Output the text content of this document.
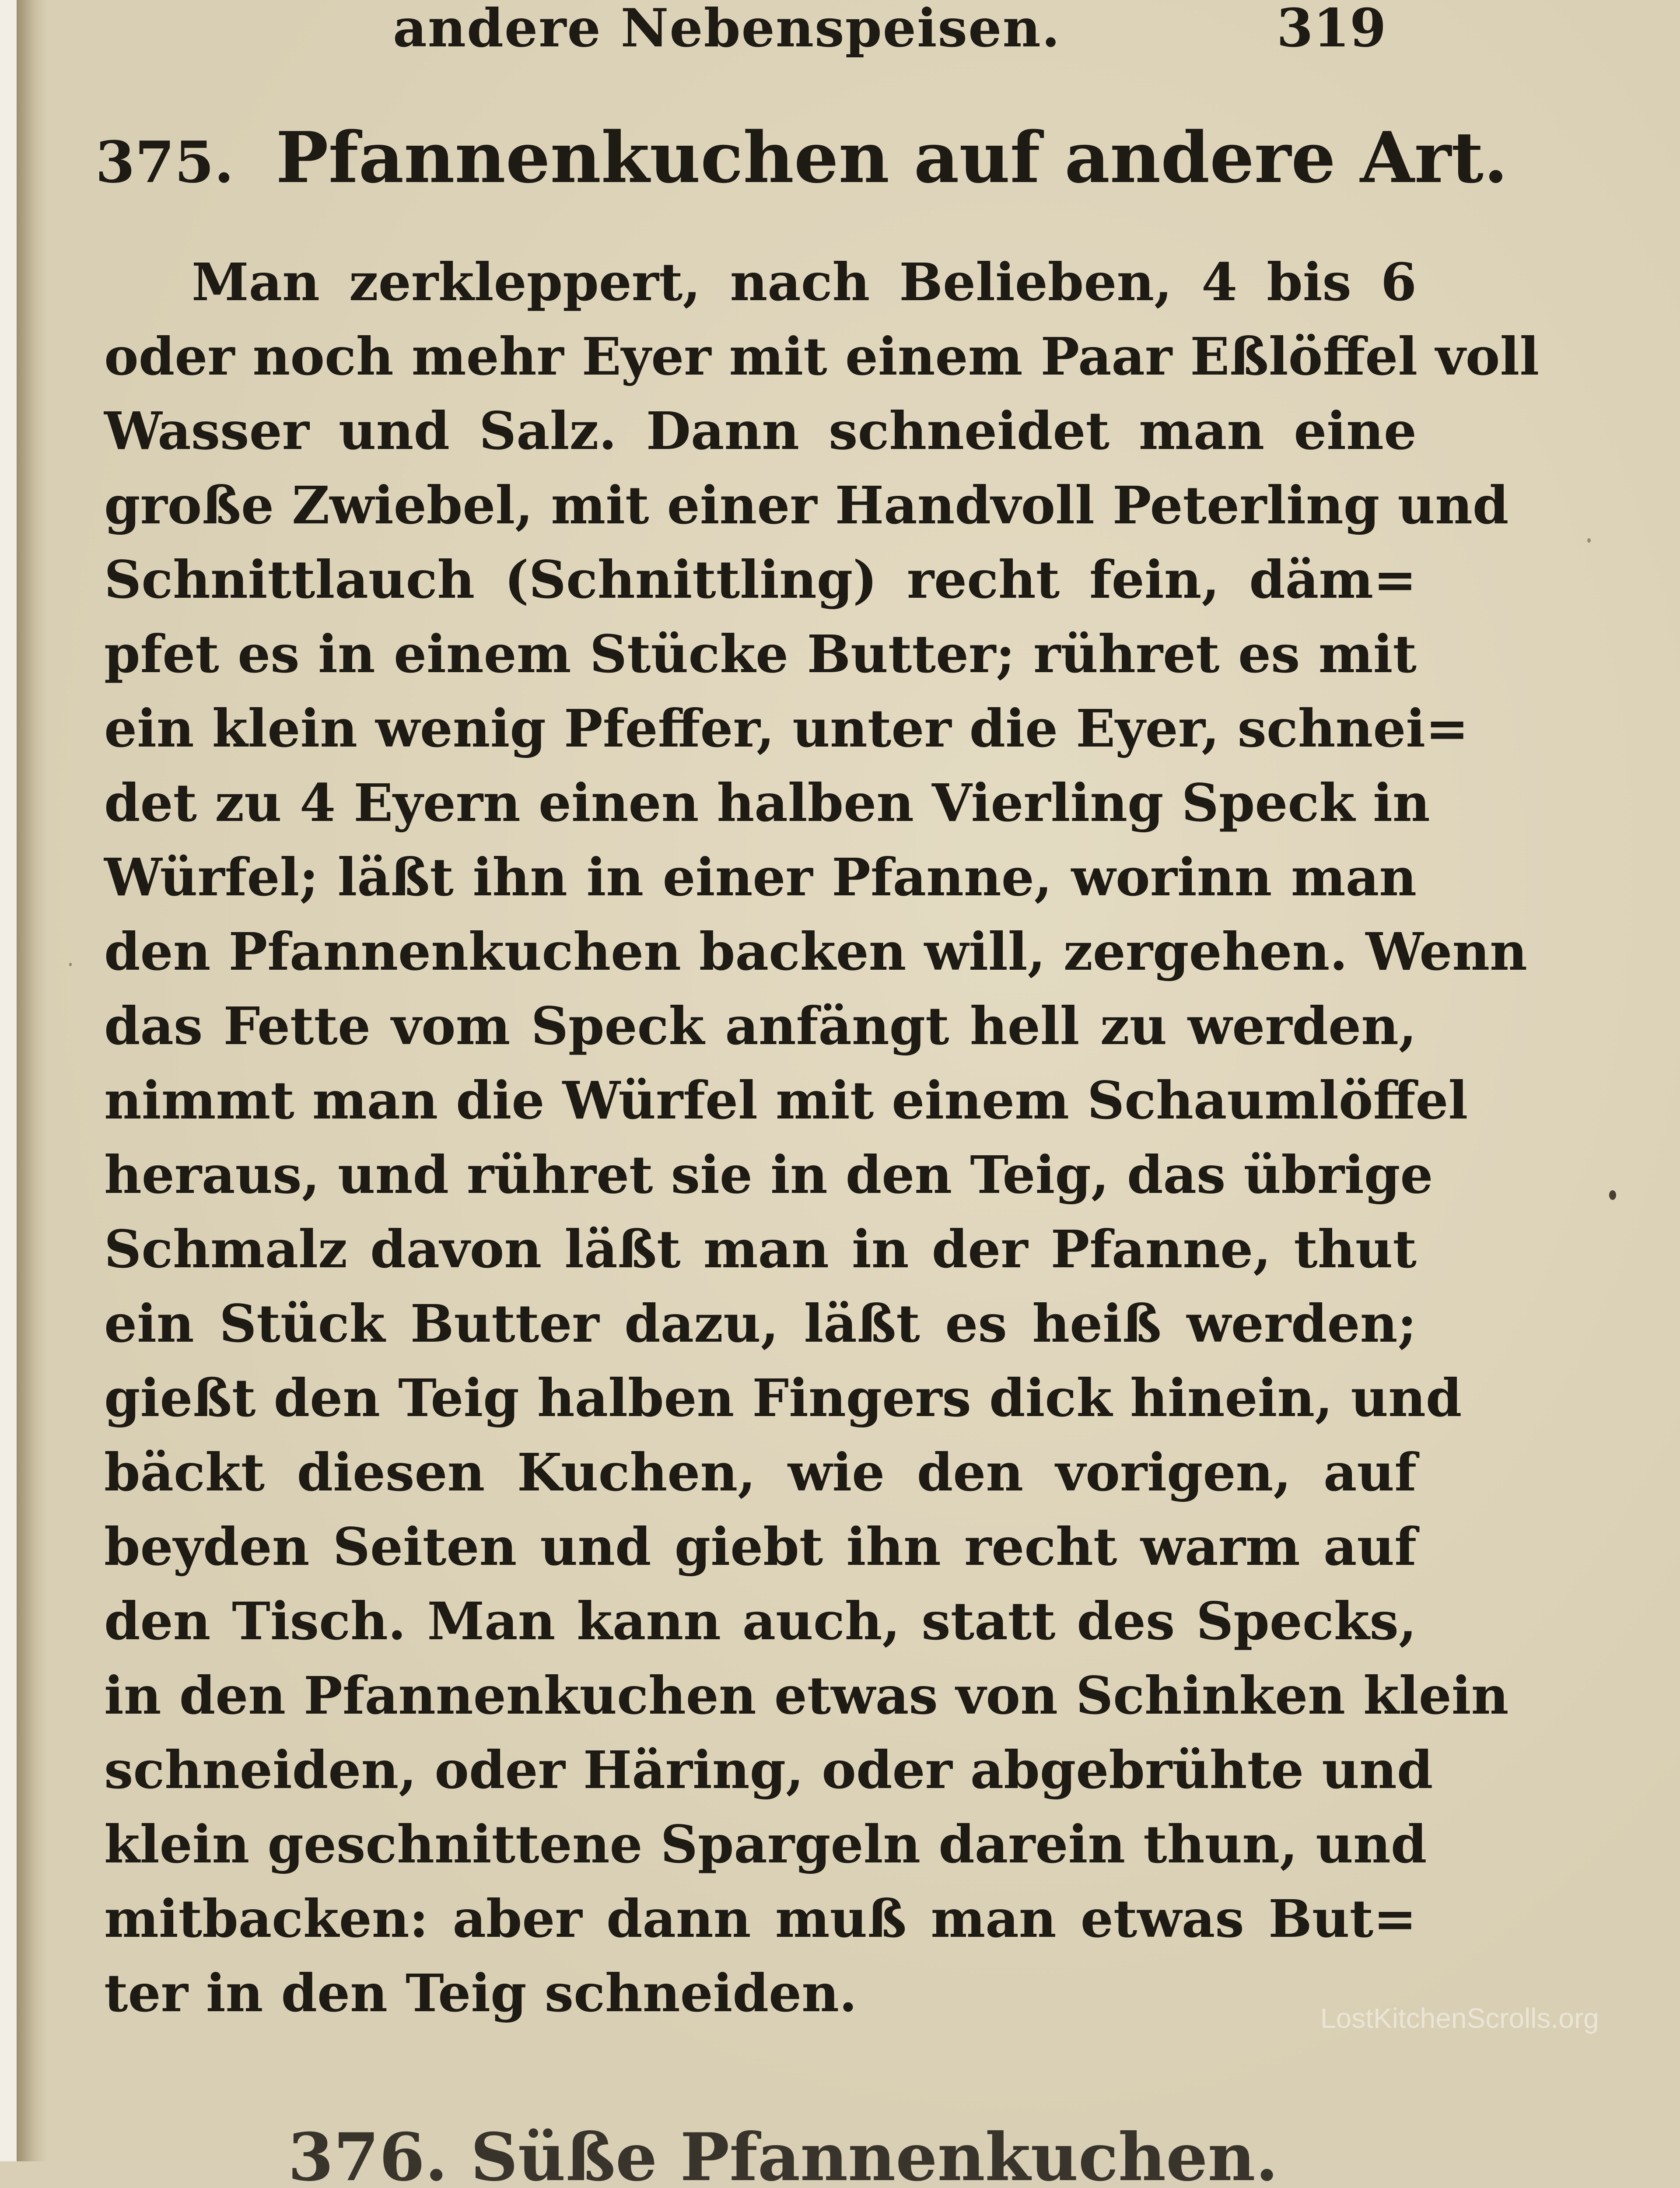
andere Nebenspeisen.	319
375. Pfannenkuchen auf andere Art.
Man zerkleppert, nach Belieben, 4 bis 6
oder noch mehr Eyer mit einem Paar Eßlöffel voll
Wasser und Salz. Dann schneidet man eine
große Zwiebel, mit einer Handvoll Peterling und
Schnittlauch (Schnittling) recht fein, däm=
pfet es in einem Stücke Butter; rühret es mit
ein klein wenig Pfeffer, unter die Eyer, schnei=
det zu 4 Eyern einen halben Vierling Speck in
Würfel; läßt ihn in einer Pfanne, worinn man
den Pfannenkuchen backen will, zergehen. Wenn
das Fette vom Speck anfängt hell zu werden,
nimmt man die Würfel mit einem Schaumlöffel
heraus, und rühret sie in den Teig, das übrige
Schmalz davon läßt man in der Pfanne, thut
ein Stück Butter dazu, läßt es heiß werden;
gießt den Teig halben Fingers dick hinein, und
bäckt diesen Kuchen, wie den vorigen, auf
beyden Seiten und giebt ihn recht warm auf
den Tisch. Man kann auch, statt des Specks,
in den Pfannenkuchen etwas von Schinken klein
schneiden, oder Häring, oder abgebrühte und
klein geschnittene Spargeln darein thun, und
mitbacken: aber dann muß man etwas But=
ter in den Teig schneiden.
376. Süße Pfannenkuchen.
LostKitchenScrolls.org
